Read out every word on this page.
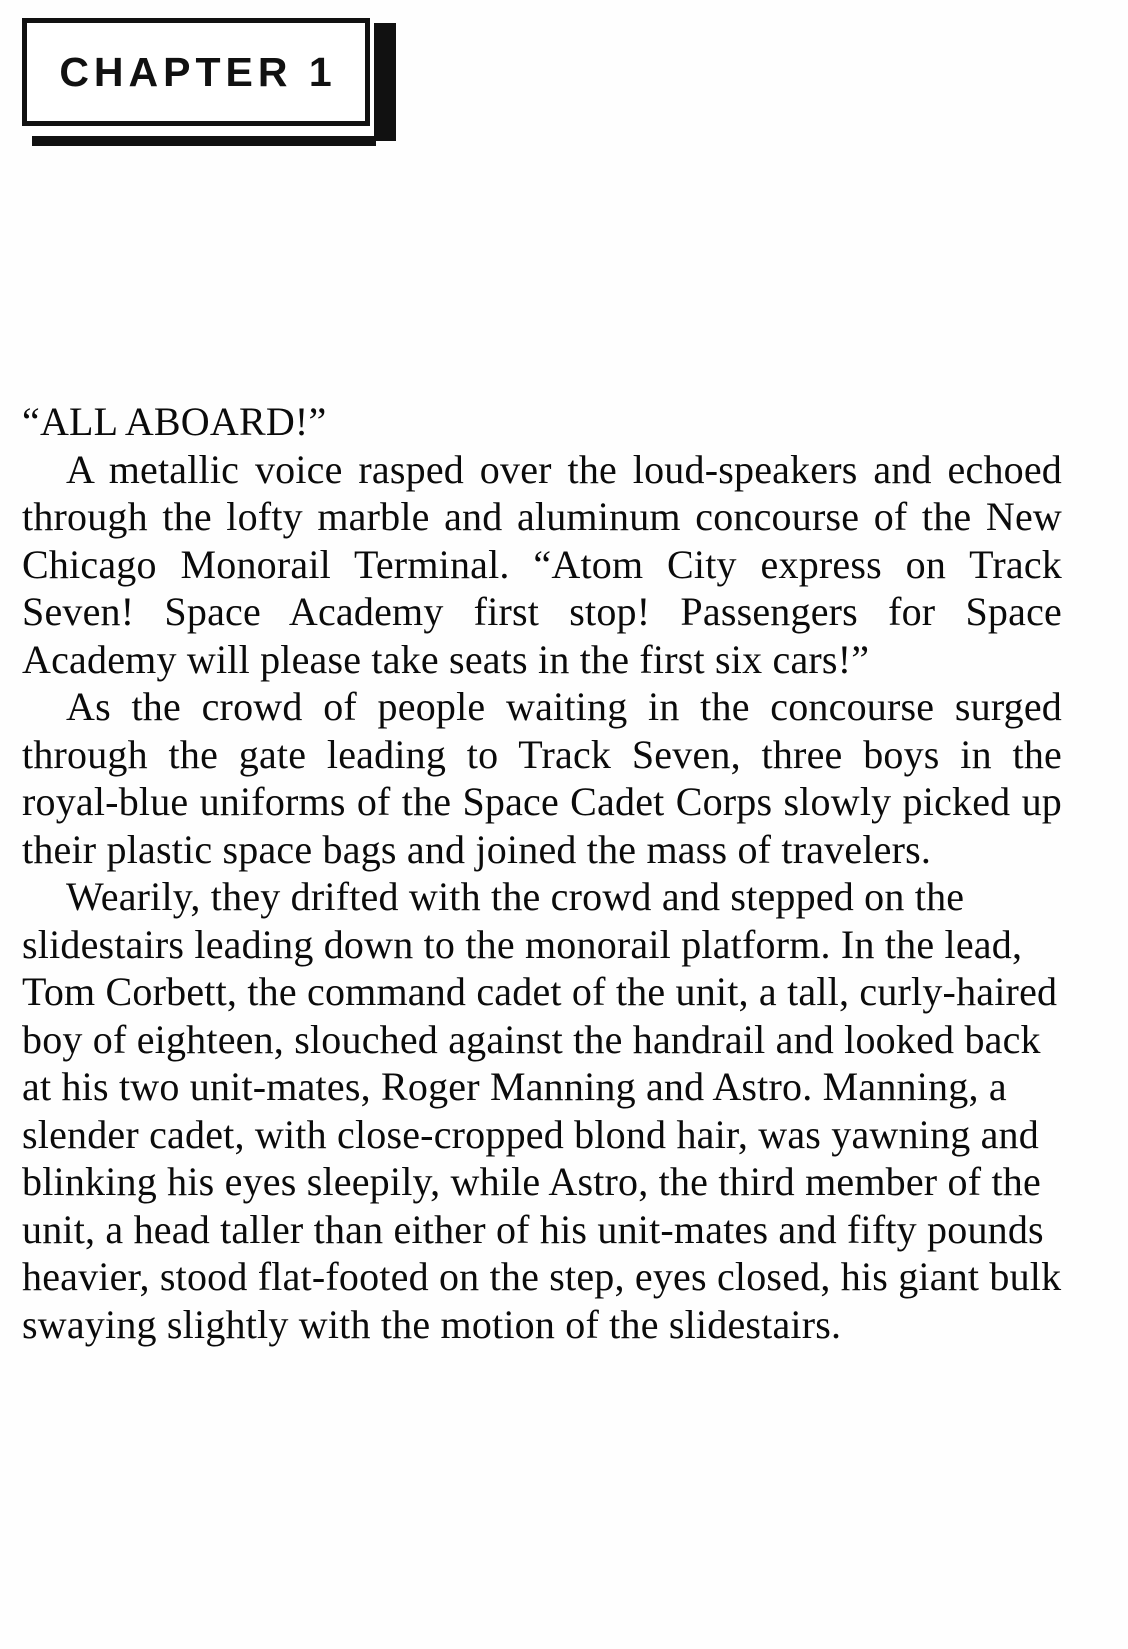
CHAPTER 1

“ALL ABOARD!”

A metallic voice rasped over the loud-speakers and echoed through the lofty marble and aluminum concourse of the New Chicago Monorail Terminal. “Atom City express on Track Seven! Space Academy first stop! Passengers for Space Academy will please take seats in the first six cars!”

As the crowd of people waiting in the concourse surged through the gate leading to Track Seven, three boys in the royal-blue uniforms of the Space Cadet Corps slowly picked up their plastic space bags and joined the mass of travelers.

Wearily, they drifted with the crowd and stepped on the slidestairs leading down to the monorail platform. In the lead, Tom Corbett, the command cadet of the unit, a tall, curly-haired boy of eighteen, slouched against the handrail and looked back at his two unit-mates, Roger Manning and Astro. Manning, a slender cadet, with close-cropped blond hair, was yawning and blinking his eyes sleepily, while Astro, the third member of the unit, a head taller than either of his unit-mates and fifty pounds heavier, stood flat-footed on the step, eyes closed, his giant bulk swaying slightly with the motion of the slidestairs.
